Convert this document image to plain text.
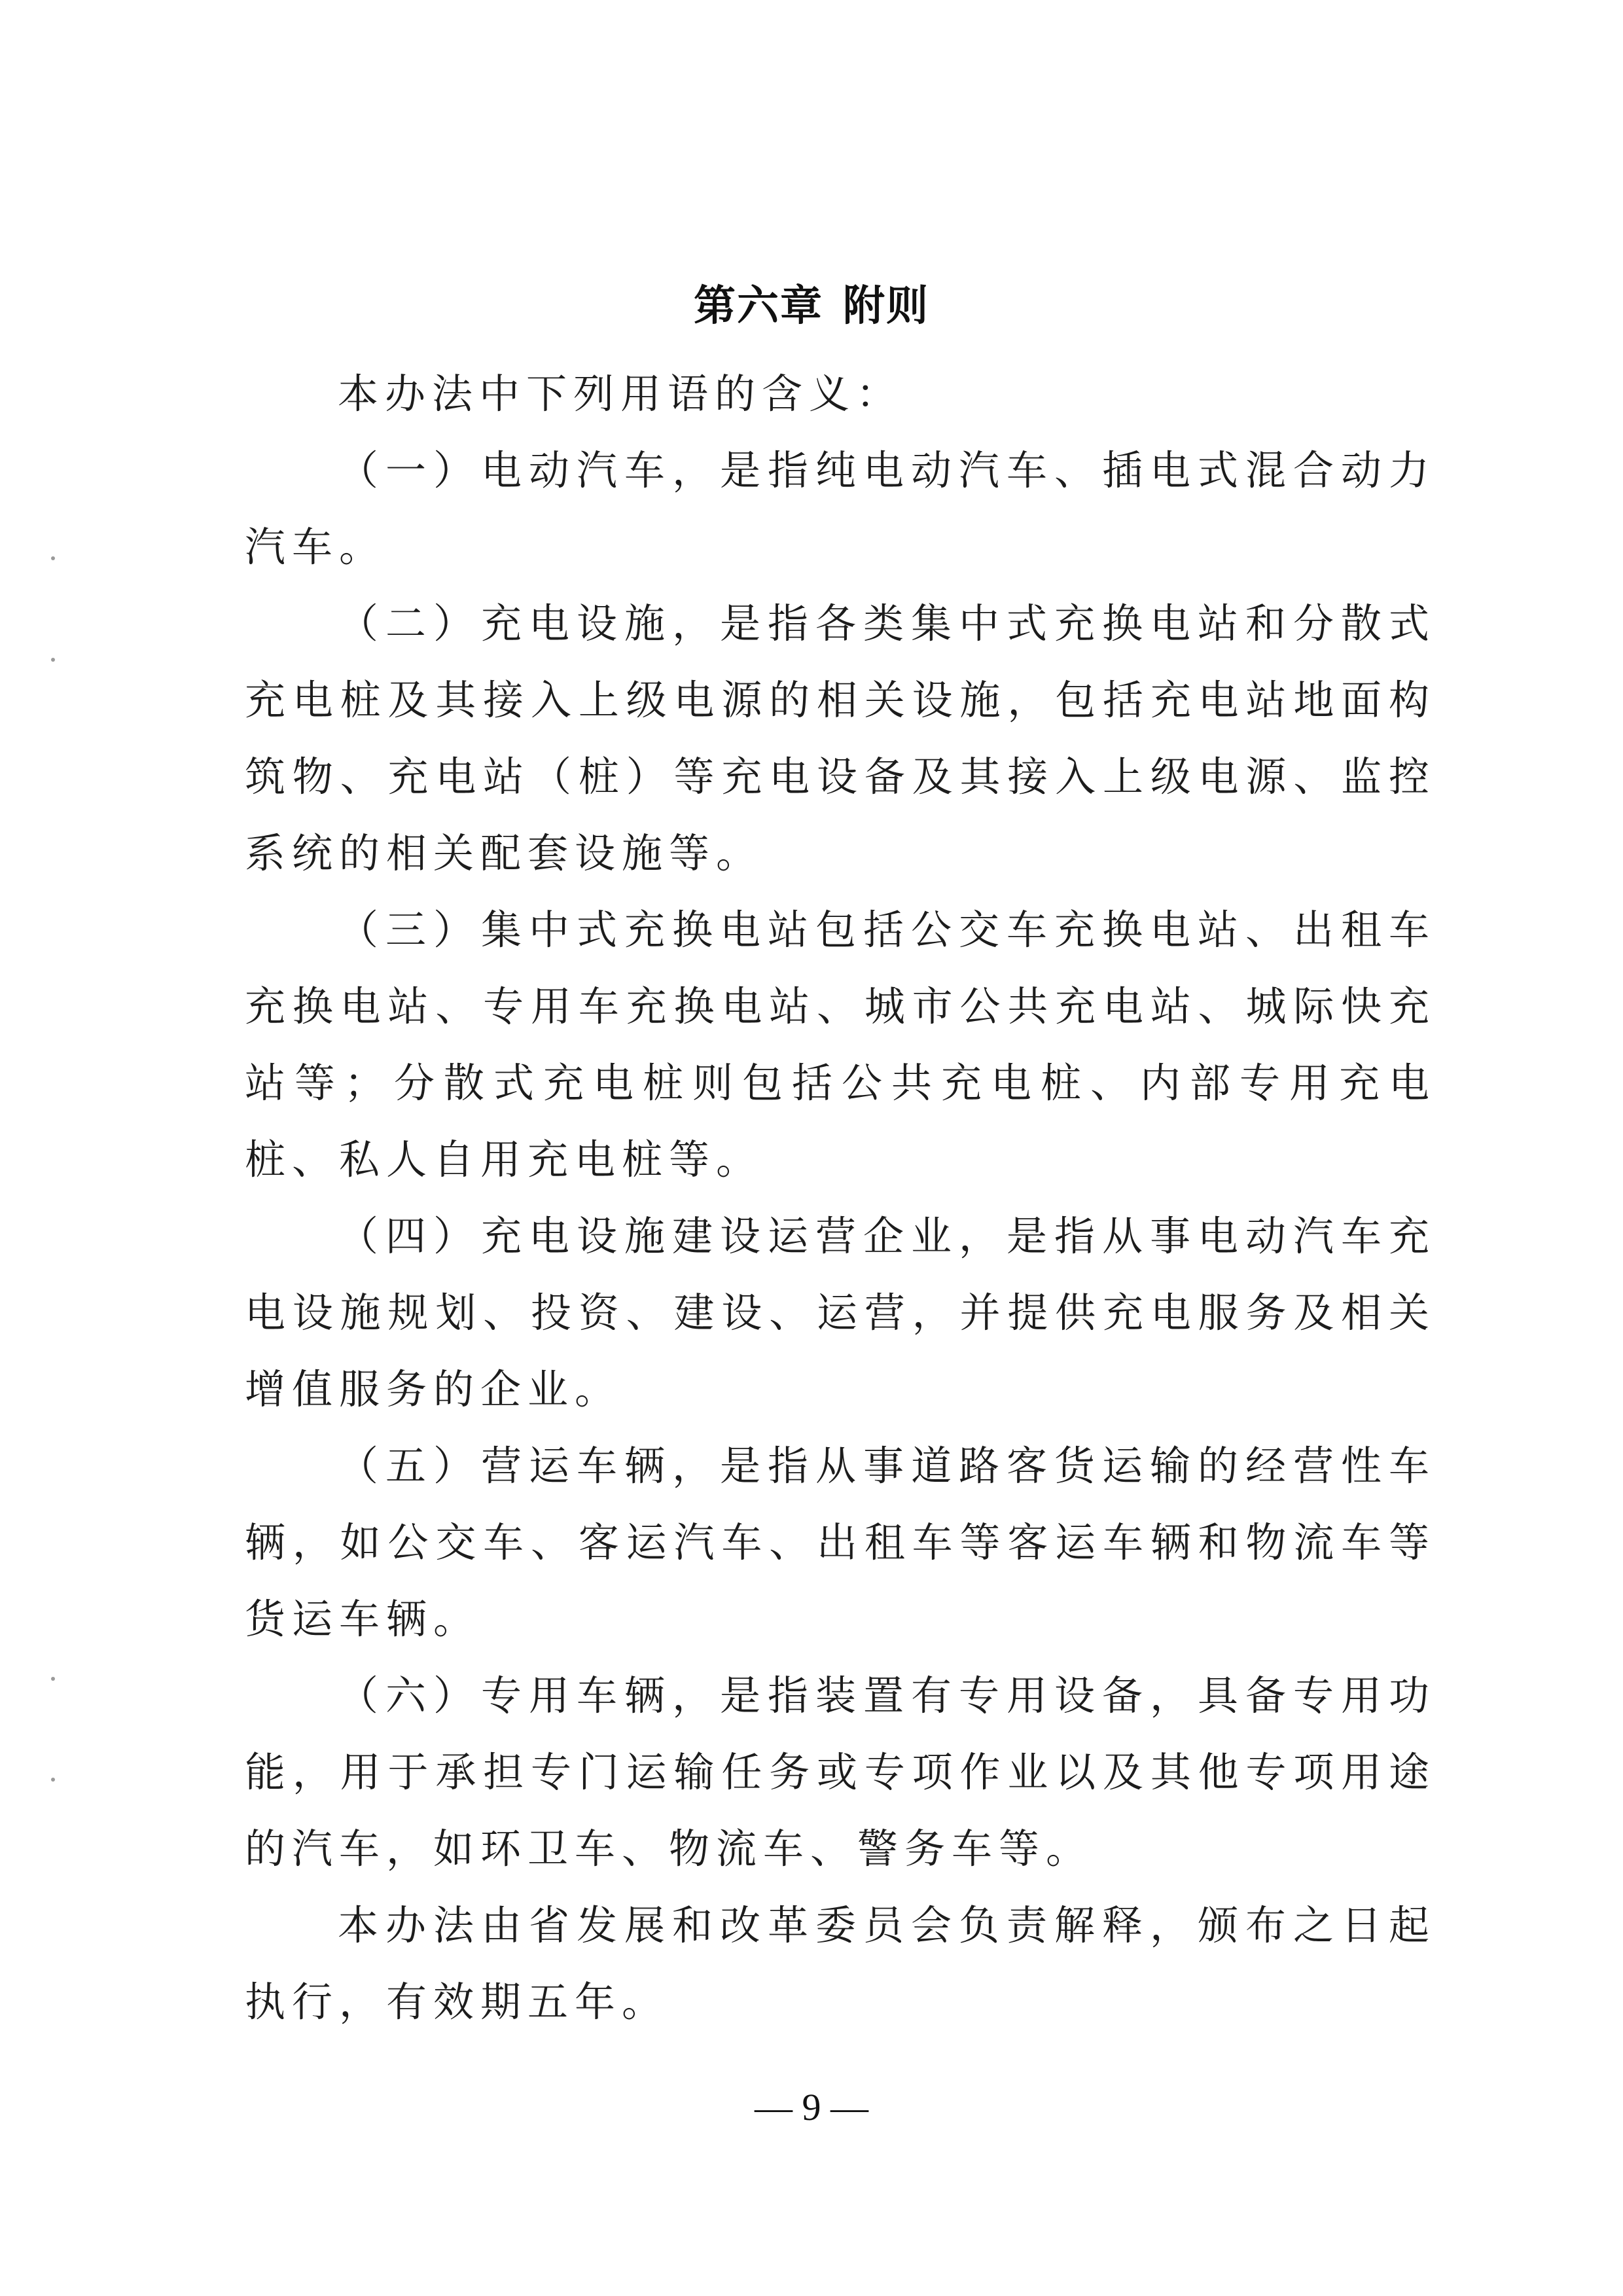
第六章 附则

本办法中下列用语的含义：

（一）电动汽车，是指纯电动汽车、插电式混合动力汽车。

（二）充电设施，是指各类集中式充换电站和分散式充电桩及其接入上级电源的相关设施，包括充电站地面构筑物、充电站（桩）等充电设备及其接入上级电源、监控系统的相关配套设施等。

（三）集中式充换电站包括公交车充换电站、出租车充换电站、专用车充换电站、城市公共充电站、城际快充站等；分散式充电桩则包括公共充电桩、内部专用充电桩、私人自用充电桩等。

（四）充电设施建设运营企业，是指从事电动汽车充电设施规划、投资、建设、运营，并提供充电服务及相关增值服务的企业。

（五）营运车辆，是指从事道路客货运输的经营性车辆，如公交车、客运汽车、出租车等客运车辆和物流车等货运车辆。

（六）专用车辆，是指装置有专用设备，具备专用功能，用于承担专门运输任务或专项作业以及其他专项用途的汽车，如环卫车、物流车、警务车等。

本办法由省发展和改革委员会负责解释，颁布之日起执行，有效期五年。

— 9 —
